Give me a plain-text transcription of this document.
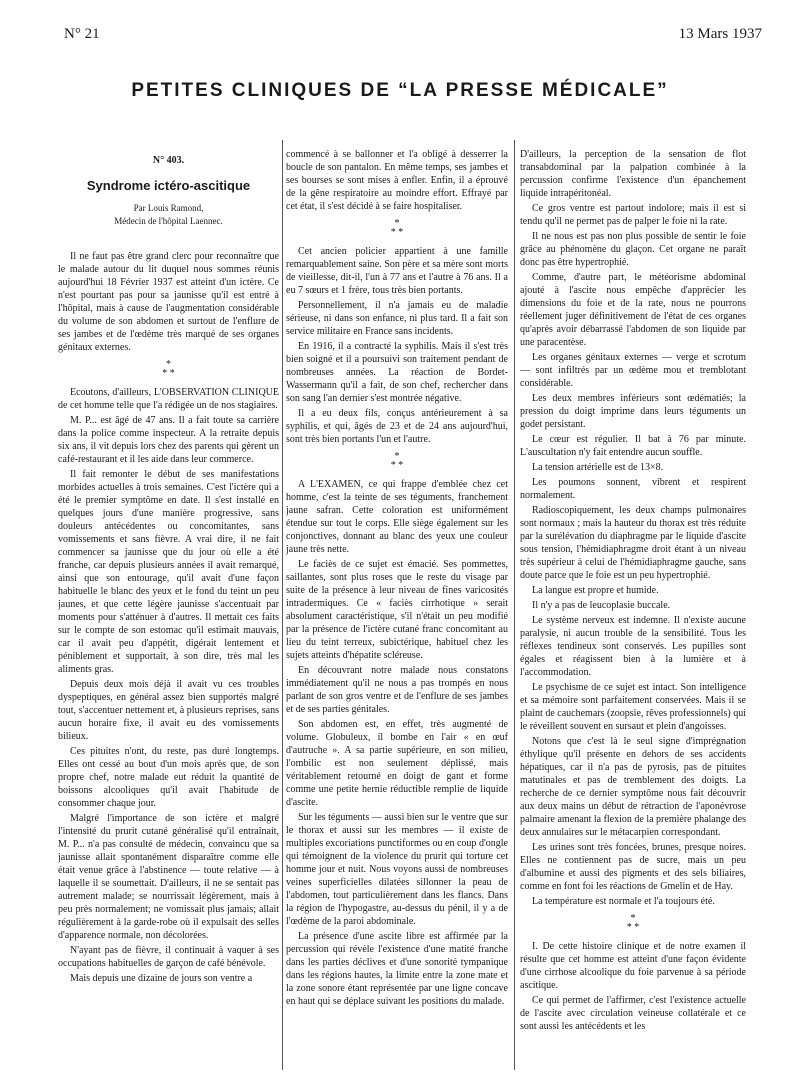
N° 21	13 Mars 1937
PETITES CLINIQUES DE “LA PRESSE MÉDICALE”

N° 403.

Syndrome ictéro-ascitique

Par Louis Ramond,

Médecin de l'hôpital Laennec.

Il ne faut pas être grand clerc pour reconnaître que le malade autour du lit duquel nous sommes réunis aujourd'hui 18 Février 1937 est atteint d'un ictère. Ce n'est pourtant pas pour sa jaunisse qu'il est entré à l'hôpital, mais à cause de l'augmentation considérable du volume de son abdomen et surtout de l'enflure de ses jambes et de l'œdème très marqué de ses organes génitaux externes.

*
* *

Ecoutons, d'ailleurs, L'OBSERVATION CLINIQUE de cet homme telle que l'a rédigée un de nos stagiaires.

M. P... est âgé de 47 ans. Il a fait toute sa carrière dans la police comme inspecteur. A la retraite depuis six ans, il vit depuis lors chez des parents qui gèrent un café-restaurant et il les aide dans leur commerce.

Il fait remonter le début de ses manifestations morbides actuelles à trois semaines. C'est l'ictère qui a été le premier symptôme en date. Il s'est installé en quelques jours d'une manière progressive, sans douleurs antécédentes ou concomitantes, sans vomissements et sans fièvre. A vrai dire, il ne fait commencer sa jaunisse que du jour où elle a été franche, car depuis plusieurs années il avait remarqué, ainsi que son entourage, qu'il avait d'une façon habituelle le blanc des yeux et le fond du teint un peu jaunes, et que cette légère jaunisse s'accentuait par moments pour s'atténuer à d'autres. Il mettait ces faits sur le compte de son estomac qu'il estimait mauvais, car il avait peu d'appétit, digérait lentement et péniblement et supportait, à son dire, très mal les aliments gras.

Depuis deux mois déjà il avait vu ces troubles dyspeptiques, en général assez bien supportés malgré tout, s'accentuer nettement et, à plusieurs reprises, sans aucun horaire fixe, il avait eu des vomissements bilieux.

Ces pituites n'ont, du reste, pas duré longtemps. Elles ont cessé au bout d'un mois après que, de son propre chef, notre malade eut réduit la quantité de boissons alcooliques qu'il avait l'habitude de consommer chaque jour.

Malgré l'importance de son ictère et malgré l'intensité du prurit cutané généralisé qu'il entraînait, M. P... n'a pas consulté de médecin, convaincu que sa jaunisse allait spontanément disparaître comme elle était venue grâce à l'abstinence — toute relative — à laquelle il se soumettait. D'ailleurs, il ne se sentait pas autrement malade; se nourrissait légèrement, mais à peu près normalement; ne vomissait plus jamais; allait régulièrement à la garde-robe où il expulsait des selles d'apparence normale, non décolorées.

N'ayant pas de fièvre, il continuait à vaquer à ses occupations habituelles de garçon de café bénévole.

Mais depuis une dizaine de jours son ventre a

commencé à se ballonner et l'a obligé à desserrer la boucle de son pantalon. En même temps, ses jambes et ses bourses se sont mises à enfler. Enfin, il a éprouvé de la gêne respiratoire au moindre effort. Effrayé par cet état, il s'est décidé à se faire hospitaliser.

*
* *

Cet ancien policier appartient à une famille remarquablement saine. Son père et sa mère sont morts de vieillesse, dit-il, l'un à 77 ans et l'autre à 76 ans. Il a eu 7 sœurs et 1 frère, tous très bien portants.

Personnellement, il n'a jamais eu de maladie sérieuse, ni dans son enfance, ni plus tard. Il a fait son service militaire en France sans incidents.

En 1916, il a contracté la syphilis. Mais il s'est très bien soigné et il a poursuivi son traitement pendant de nombreuses années. La réaction de Bordet-Wassermann qu'il a fait, de son chef, rechercher dans son sang l'an dernier s'est montrée négative.

Il a eu deux fils, conçus antérieurement à sa syphilis, et qui, âgés de 23 et de 24 ans aujourd'hui, sont très bien portants l'un et l'autre.

*
* *

A L'EXAMEN, ce qui frappe d'emblée chez cet homme, c'est la teinte de ses téguments, franchement jaune safran. Cette coloration est uniformément étendue sur tout le corps. Elle siège également sur les conjonctives, donnant au blanc des yeux une couleur jaune très nette.

Le faciès de ce sujet est émacié. Ses pommettes, saillantes, sont plus roses que le reste du visage par suite de la présence à leur niveau de fines varicosités intradermiques. Ce « faciès cirrhotique » serait absolument caractéristique, s'il n'était un peu modifié par la présence de l'ictère cutané franc concomitant au lieu du teint terreux, subictérique, habituel chez les sujets atteints d'hépatite scléreuse.

En découvrant notre malade nous constatons immédiatement qu'il ne nous a pas trompés en nous parlant de son gros ventre et de l'enflure de ses jambes et de ses parties génitales.

Son abdomen est, en effet, très augmenté de volume. Globuleux, il bombe en l'air « en œuf d'autruche ». A sa partie supérieure, en son milieu, l'ombilic est non seulement déplissé, mais véritablement retourné en doigt de gant et forme comme une petite hernie réductible remplie de liquide d'ascite.

Sur les téguments — aussi bien sur le ventre que sur le thorax et aussi sur les membres — il existe de multiples excoriations punctiformes ou en coup d'ongle qui témoignent de la violence du prurit qui torture cet homme jour et nuit. Nous voyons aussi de nombreuses veines superficielles dilatées sillonner la peau de l'abdomen, tout particulièrement dans les flancs. Dans la région de l'hypogastre, au-dessus du pénil, il y a de l'œdème de la paroi abdominale.

La présence d'une ascite libre est affirmée par la percussion qui révèle l'existence d'une matité franche dans les parties déclives et d'une sonorité tympanique dans les régions hautes, la limite entre la zone mate et la zone sonore étant représentée par une ligne concave en haut qui se déplace suivant les positions du malade.

D'ailleurs, la perception de la sensation de flot transabdominal par la palpation combinée à la percussion confirme l'existence d'un épanchement liquide intrapéritonéal.

Ce gros ventre est partout indolore; mais il est si tendu qu'il ne permet pas de palper le foie ni la rate.

Il ne nous est pas non plus possible de sentir le foie grâce au phénomène du glaçon. Cet organe ne paraît donc pas être hypertrophié.

Comme, d'autre part, le météorisme abdominal ajouté à l'ascite nous empêche d'apprécier les dimensions du foie et de la rate, nous ne pourrons réellement juger définitivement de l'état de ces organes qu'après avoir débarrassé l'abdomen de son liquide par une paracentèse.

Les organes génitaux externes — verge et scrotum — sont infiltrés par un œdème mou et tremblotant considérable.

Les deux membres inférieurs sont œdématiés; la pression du doigt imprime dans leurs téguments un godet persistant.

Le cœur est régulier. Il bat à 76 par minute. L'auscultation n'y fait entendre aucun souffle.

La tension artérielle est de 13×8.

Les poumons sonnent, vibrent et respirent normalement.

Radioscopiquement, les deux champs pulmonaires sont normaux ; mais la hauteur du thorax est très réduite par la surélévation du diaphragme par le liquide d'ascite sous tension, l'hémidiaphragme droit étant à un niveau très supérieur à celui de l'hémidiaphragme gauche, sans doute parce que le foie est un peu hypertrophié.

La langue est propre et humide.

Il n'y a pas de leucoplasie buccale.

Le système nerveux est indemne. Il n'existe aucune paralysie, ni aucun trouble de la sensibilité. Tous les réflexes tendineux sont conservés. Les pupilles sont égales et réagissent bien à la lumière et à l'accommodation.

Le psychisme de ce sujet est intact. Son intelligence et sa mémoire sont parfaitement conservées. Mais il se plaint de cauchemars (zoopsie, rêves professionnels) qui le réveillent souvent en sursaut et plein d'angoisses.

Notons que c'est là le seul signe d'imprégnation éthylique qu'il présente en dehors de ses accidents hépatiques, car il n'a pas de pyrosis, pas de pituites matutinales et pas de tremblement des doigts. La recherche de ce dernier symptôme nous fait découvrir aux deux mains un début de rétraction de l'aponévrose palmaire amenant la flexion de la première phalange des deux annulaires sur le métacarpien correspondant.

Les urines sont très foncées, brunes, presque noires. Elles ne contiennent pas de sucre, mais un peu d'albumine et aussi des pigments et des sels biliaires, comme en font foi les réactions de Gmelin et de Hay.

La température est normale et l'a toujours été.

*
* *

I. De cette histoire clinique et de notre examen il résulte que cet homme est atteint d'une façon évidente d'une cirrhose alcoolique du foie parvenue à sa période ascitique.

Ce qui permet de l'affirmer, c'est l'existence actuelle de l'ascite avec circulation veineuse collatérale et ce sont aussi les antécédents et les
